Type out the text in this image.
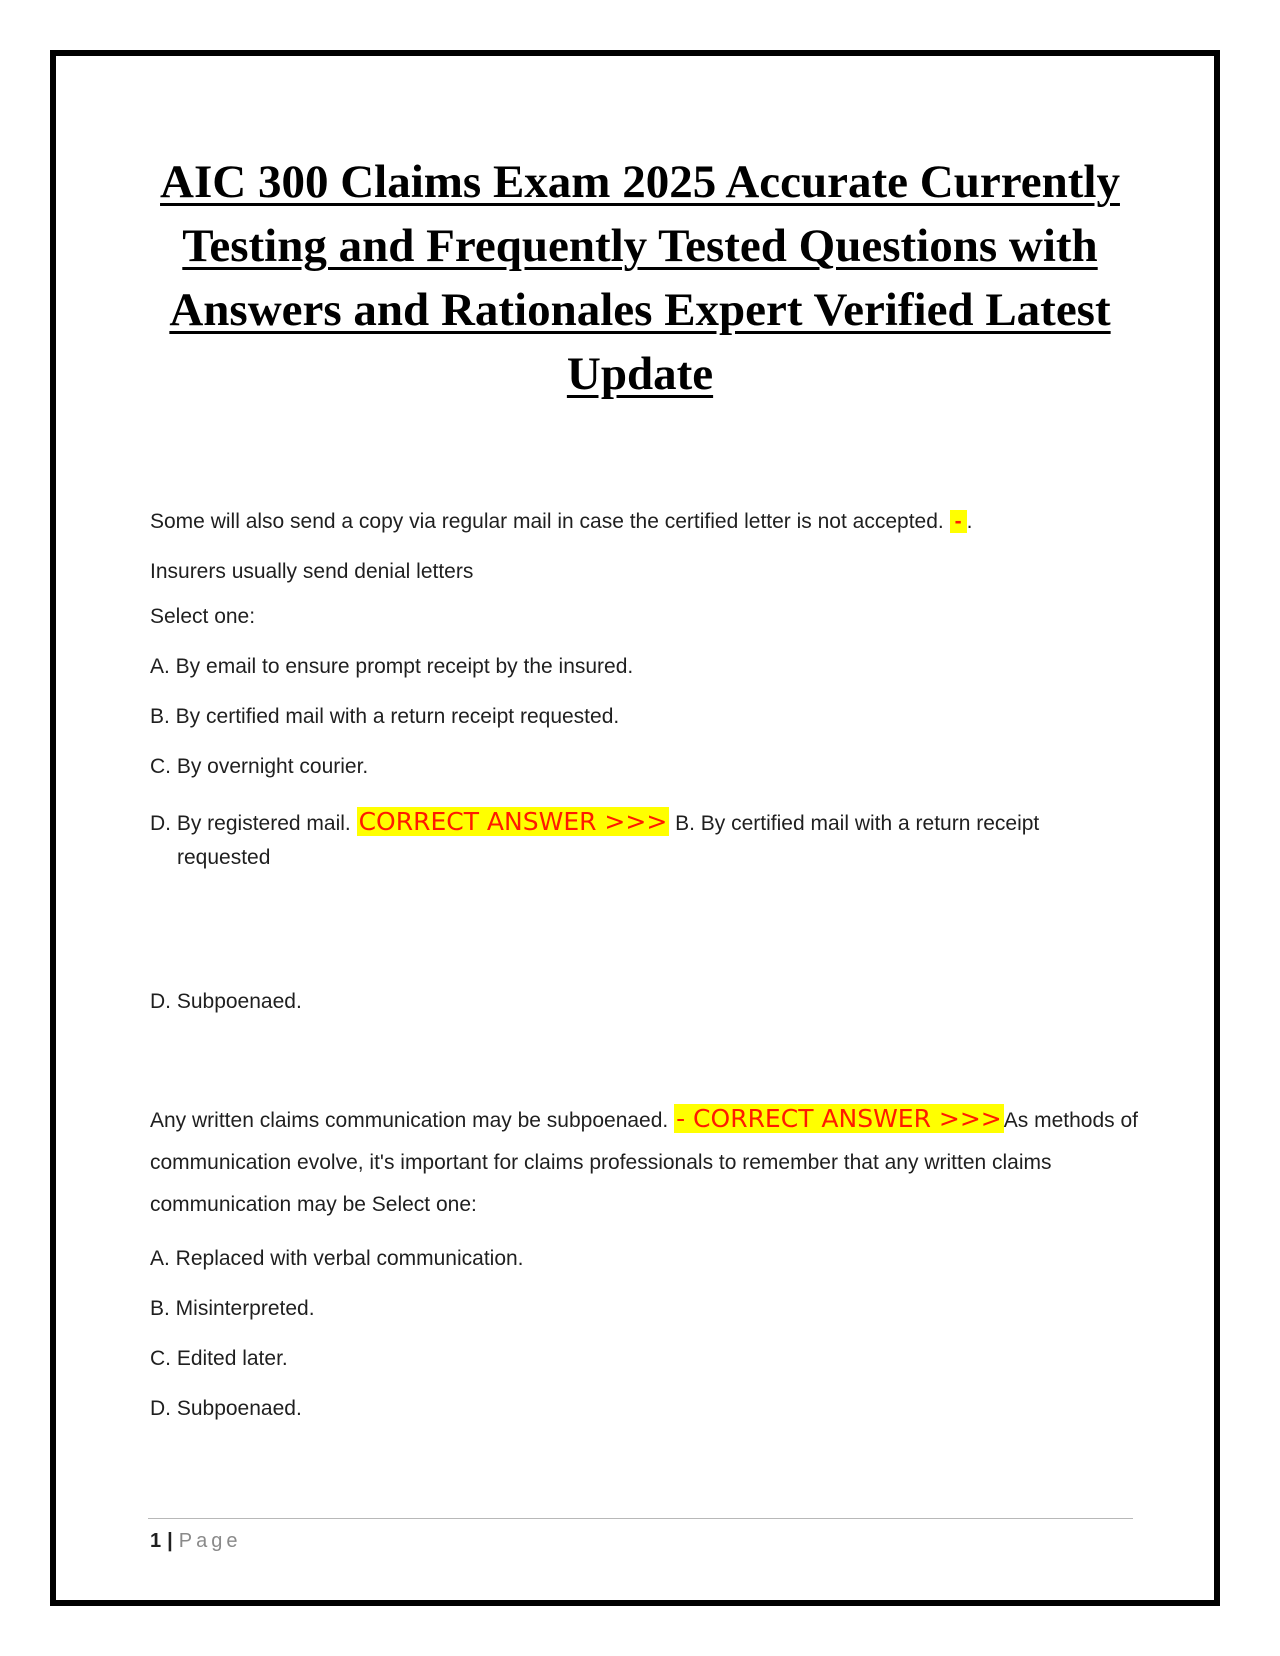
AIC 300 Claims Exam 2025 Accurate Currently Testing and Frequently Tested Questions with Answers and Rationales Expert Verified Latest Update

Some will also send a copy via regular mail in case the certified letter is not accepted. - .

Insurers usually send denial letters

Select one:

A. By email to ensure prompt receipt by the insured.

B. By certified mail with a return receipt requested.

C. By overnight courier.

D. By registered mail. CORRECT ANSWER >>> B. By certified mail with a return receipt
requested

D. Subpoenaed.

Any written claims communication may be subpoenaed. - CORRECT ANSWER >>>As methods of communication evolve, it's important for claims professionals to remember that any written claims communication may be Select one:

A. Replaced with verbal communication.

B. Misinterpreted.

C. Edited later.

D. Subpoenaed.

1 | Page
